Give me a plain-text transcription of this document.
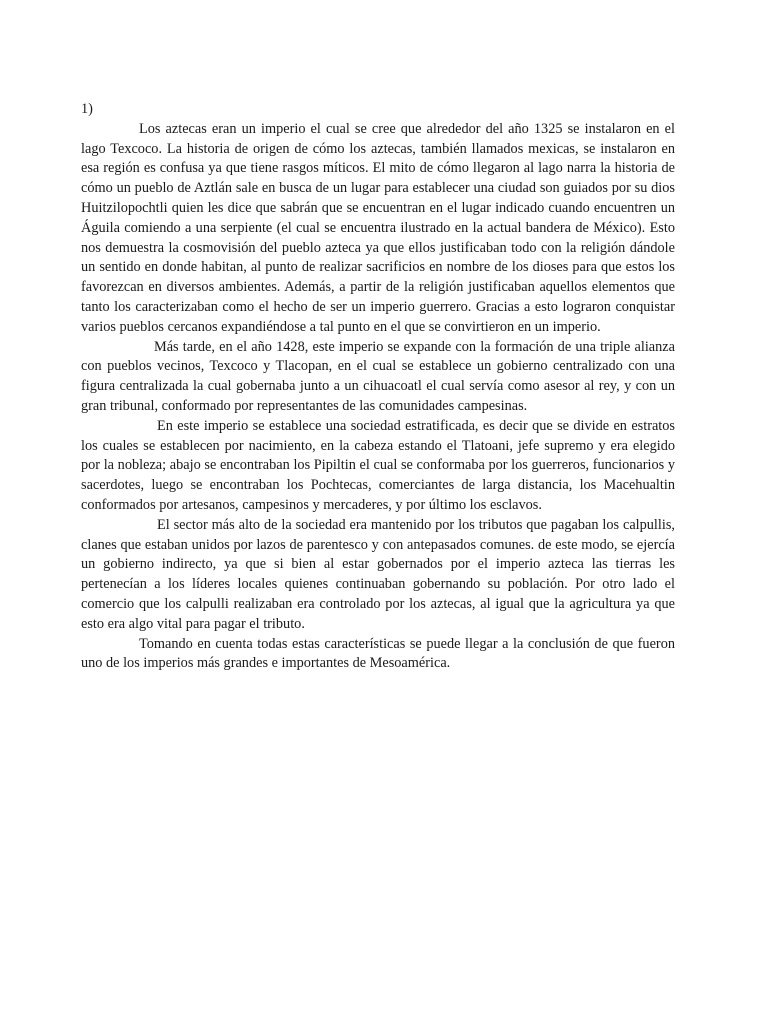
1)

Los aztecas eran un imperio el cual se cree que alrededor del año 1325 se instalaron en el lago Texcoco. La historia de origen de cómo los aztecas, también llamados mexicas, se instalaron en esa región es confusa ya que tiene rasgos míticos. El mito de cómo llegaron al lago narra la historia de cómo un pueblo de Aztlán sale en busca de un lugar para establecer una ciudad son guiados por su dios Huitzilopochtli quien les dice que sabrán que se encuentran en el lugar indicado cuando encuentren un Águila comiendo a una serpiente (el cual se encuentra ilustrado en la actual bandera de México). Esto nos demuestra la cosmovisión del pueblo azteca ya que ellos justificaban todo con la religión dándole un sentido en donde habitan, al punto de realizar sacrificios en nombre de los dioses para que estos los favorezcan en diversos ambientes. Además, a partir de la religión justificaban aquellos elementos que tanto los caracterizaban como el hecho de ser un imperio guerrero. Gracias a esto lograron conquistar varios pueblos cercanos expandiéndose a tal punto en el que se convirtieron en un imperio.

Más tarde, en el año 1428, este imperio se expande con la formación de una triple alianza con pueblos vecinos, Texcoco y Tlacopan, en el cual se establece un gobierno centralizado con una figura centralizada la cual gobernaba junto a un cihuacoatl el cual servía como asesor al rey, y con un gran tribunal, conformado por representantes de las comunidades campesinas.

En este imperio se establece una sociedad estratificada, es decir que se divide en estratos los cuales se establecen por nacimiento, en la cabeza estando el Tlatoani, jefe supremo y era elegido por la nobleza; abajo se encontraban los Pipiltin el cual se conformaba por los guerreros, funcionarios y sacerdotes, luego se encontraban los Pochtecas, comerciantes de larga distancia, los Macehualtin conformados por artesanos, campesinos y mercaderes, y por último los esclavos.

El sector más alto de la sociedad era mantenido por los tributos que pagaban los calpullis, clanes que estaban unidos por lazos de parentesco y con antepasados comunes. de este modo, se ejercía un gobierno indirecto, ya que si bien al estar gobernados por el imperio azteca las tierras les pertenecían a los líderes locales quienes continuaban gobernando su población. Por otro lado el comercio que los calpulli realizaban era controlado por los aztecas, al igual que la agricultura ya que esto era algo vital para pagar el tributo.

Tomando en cuenta todas estas características se puede llegar a la conclusión de que fueron uno de los imperios más grandes e importantes de Mesoamérica.
